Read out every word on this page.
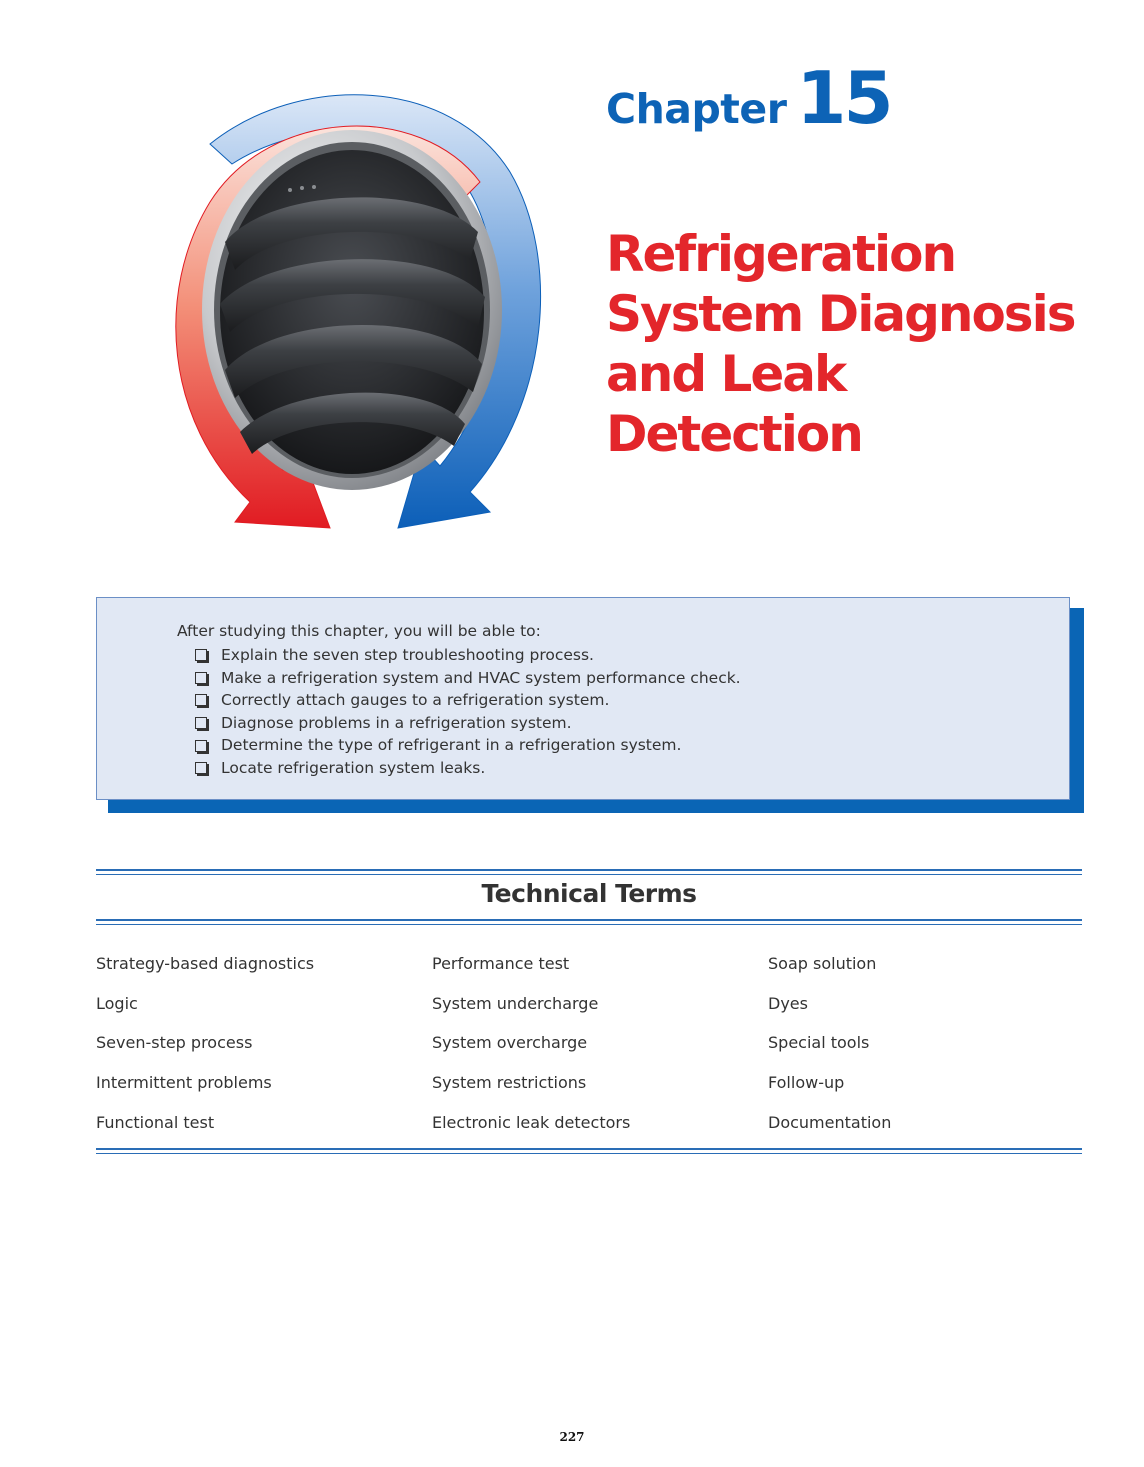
Chapter 15
Refrigeration
System Diagnosis
and Leak
Detection
After studying this chapter, you will be able to:
Explain the seven step troubleshooting process.
Make a refrigeration system and HVAC system performance check.
Correctly attach gauges to a refrigeration system.
Diagnose problems in a refrigeration system.
Determine the type of refrigerant in a refrigeration system.
Locate refrigeration system leaks.
Technical Terms
Strategy-based diagnostics
Logic
Seven-step process
Intermittent problems
Functional test
Performance test
System undercharge
System overcharge
System restrictions
Electronic leak detectors
Soap solution
Dyes
Special tools
Follow-up
Documentation
227
